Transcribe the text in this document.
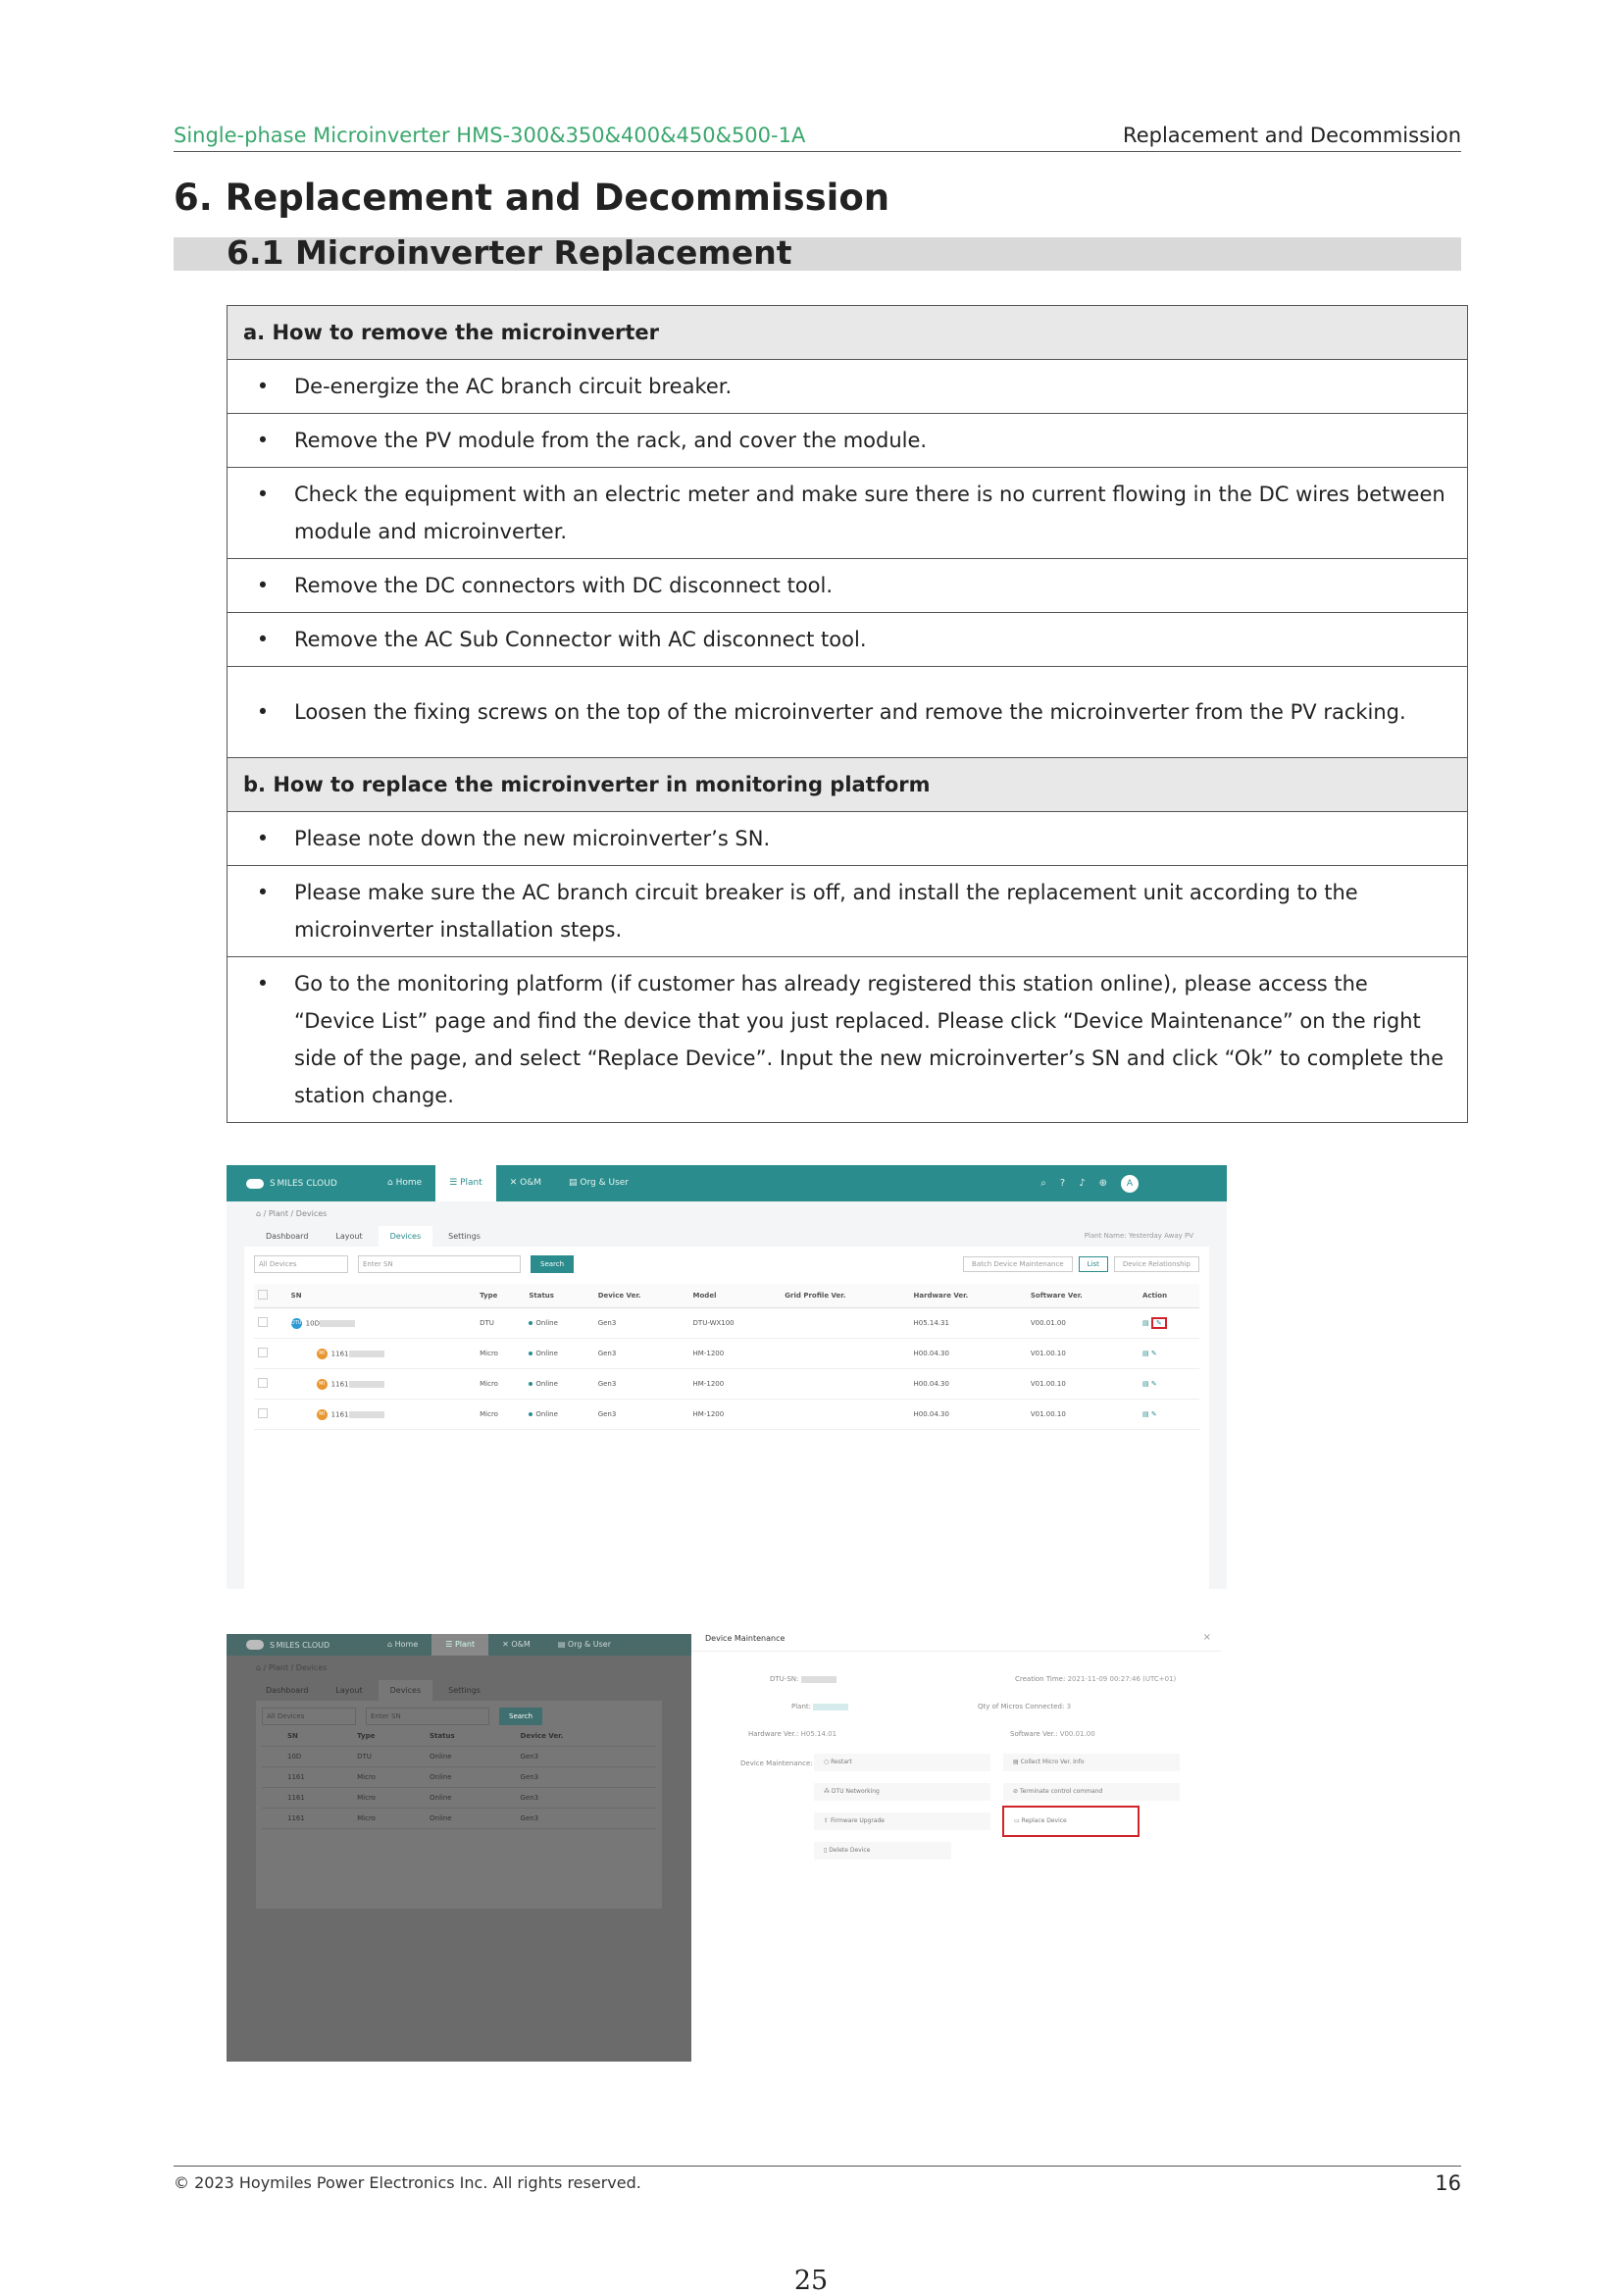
Single-phase Microinverter HMS-300&350&400&450&500-1A	Replacement and Decommission
6. Replacement and Decommission
6.1 Microinverter Replacement
a. How to remove the microinverter
•	De-energize the AC branch circuit breaker.
•	Remove the PV module from the rack, and cover the module.
•	Check the equipment with an electric meter and make sure there is no current flowing in the DC wires between module and microinverter.
•	Remove the DC connectors with DC disconnect tool.
•	Remove the AC Sub Connector with AC disconnect tool.
•	Loosen the fixing screws on the top of the microinverter and remove the microinverter from the PV racking.
b. How to replace the microinverter in monitoring platform
•	Please note down the new microinverter’s SN.
•	Please make sure the AC branch circuit breaker is off, and install the replacement unit according to the microinverter installation steps.
•	Go to the monitoring platform (if customer has already registered this station online), please access the “Device List” page and find the device that you just replaced. Please click “Device Maintenance” on the right side of the page, and select “Replace Device”. Input the new microinverter’s SN and click “Ok” to complete the station change.
S MILES CLOUD	⌂ Home	☰ Plant	✕ O&M	▤ Org & User	⌕ ? ♪ ⊕	A
⌂ / Plant / Devices
Dashboard	Layout	Devices	Settings	Plant Name: Yesterday Away PV
All Devices	Enter SN	Search	Batch Device Maintenance	List	Device Relationship
	SN	Type	Status	Device Ver.	Model	Grid Profile Ver.	Hardware Ver.	Software Ver.	Action
	DTU 10D	DTU	Online	Gen3	DTU-WX100		H05.14.31	V00.01.00	▤ ✎
	MI 1161	Micro	Online	Gen3	HM-1200		H00.04.30	V01.00.10	▤ ✎
	MI 1161	Micro	Online	Gen3	HM-1200		H00.04.30	V01.00.10	▤ ✎
	MI 1161	Micro	Online	Gen3	HM-1200		H00.04.30	V01.00.10	▤ ✎
S MILES CLOUD	⌂ Home	☰ Plant	✕ O&M	▤ Org & User
⌂ / Plant / Devices
Dashboard	Layout	Devices	Settings
All Devices	Enter SN	Search
	SN	Type	Status	Device Ver.
	10D	DTU	Online	Gen3
	1161	Micro	Online	Gen3
	1161	Micro	Online	Gen3
	1161	Micro	Online	Gen3
Device Maintenance	×
DTU-SN:
Plant:
Hardware Ver.: H05.14.01
Creation Time: 2021-11-09 00:27:46 (UTC+01)
Qty of Micros Connected: 3
Software Ver.: V00.01.00
Device Maintenance:	○ Restart	▤ Collect Micro Ver. Info
⁂ DTU Networking	⊘ Terminate control command
⇧ Firmware Upgrade	▭ Replace Device
▯ Delete Device
© 2023 Hoymiles Power Electronics Inc. All rights reserved.	16
25
